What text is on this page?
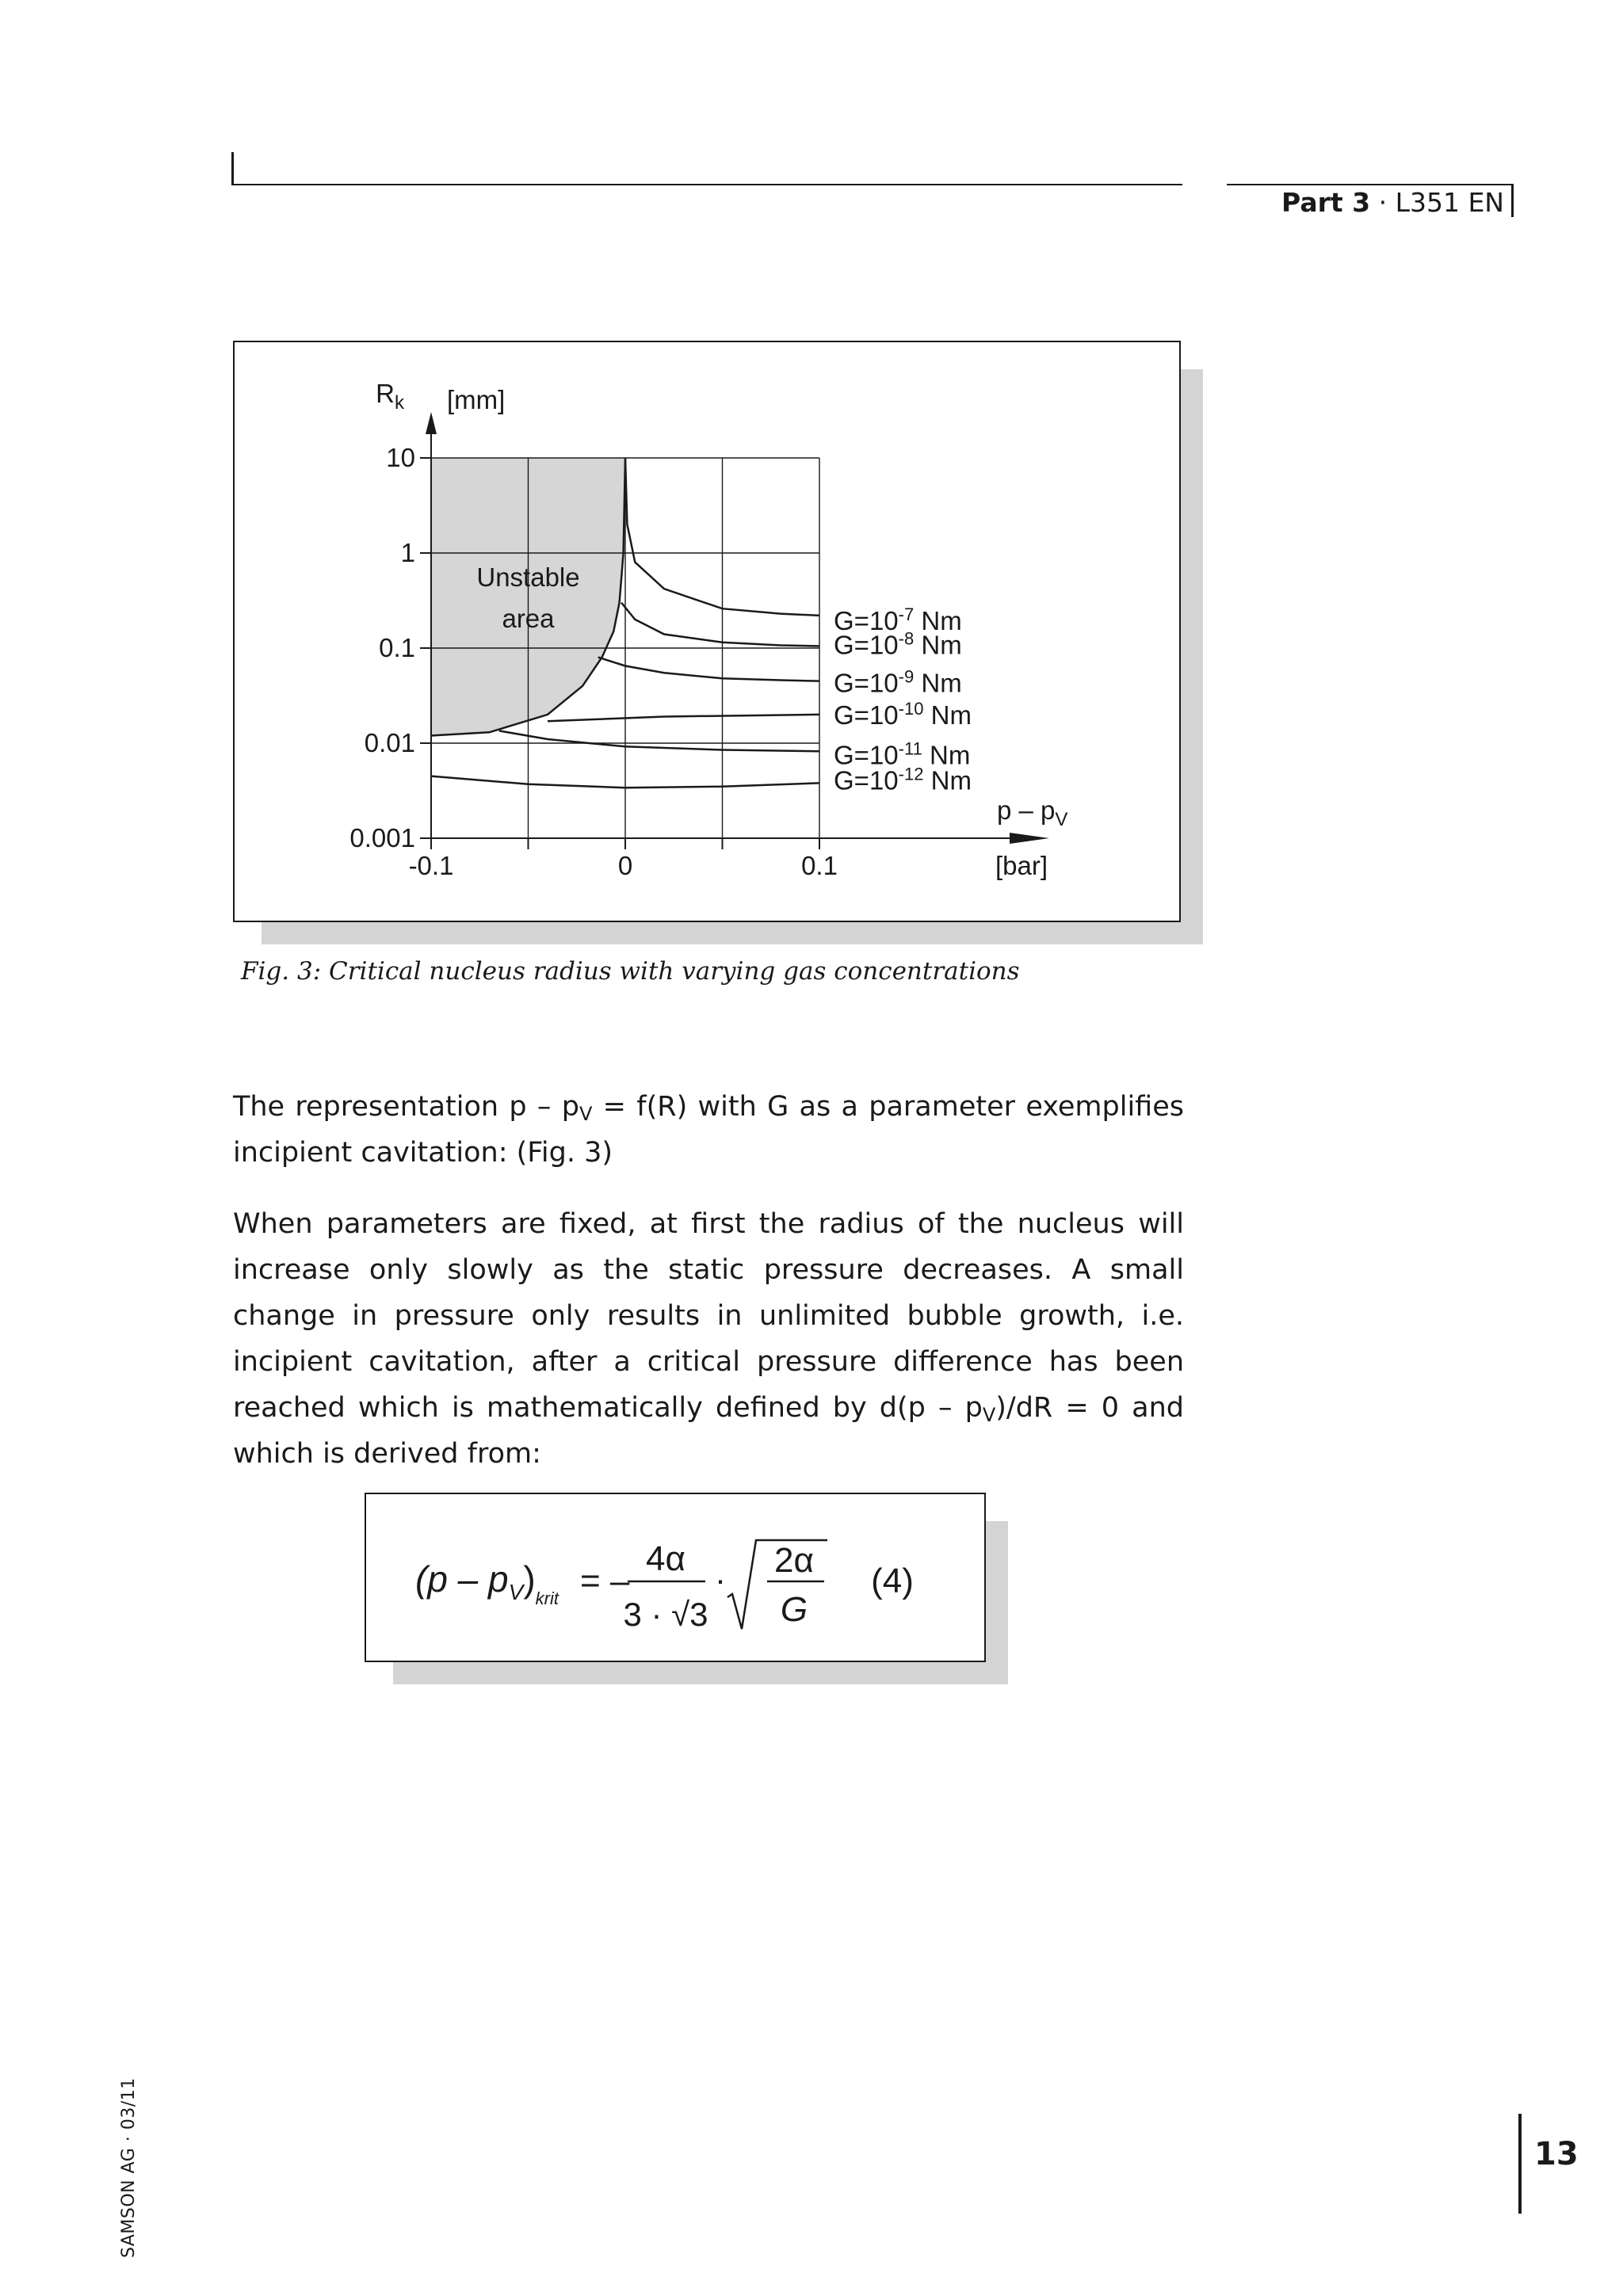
Part 3 · L351 EN
10
1
0.1
0.01
0.001
-0.1	0	0.1
$R_k$ [mm]
p – $p_V$
[bar]
Unstable
area	$G=10^{-7}$ Nm
$G=10^{-8}$ Nm
$G=10^{-9}$ Nm
$G=10^{-10}$ Nm
$G=10^{-11}$ Nm
$G=10^{-12}$ Nm
Fig. 3: Critical nucleus radius with varying gas concentrations
The representation $p - p_V = f(R)$ with G as a parameter exemplifies incipient cavitation: (Fig. 3)
When parameters are fixed, at first the radius of the nucleus will increase only slowly as the static pressure decreases. A small change in pressure only results in unlimited bubble growth, i.e. incipient cavitation, after a critical pressure difference has been reached which is mathematically defined by $d(p - p_V)/dR = 0$ and which is derived from:
$(p - p_V)_{krit}$ = –
4α
3 · √3
· 2α
G
(4)
SAMSON AG · 03/11	13
